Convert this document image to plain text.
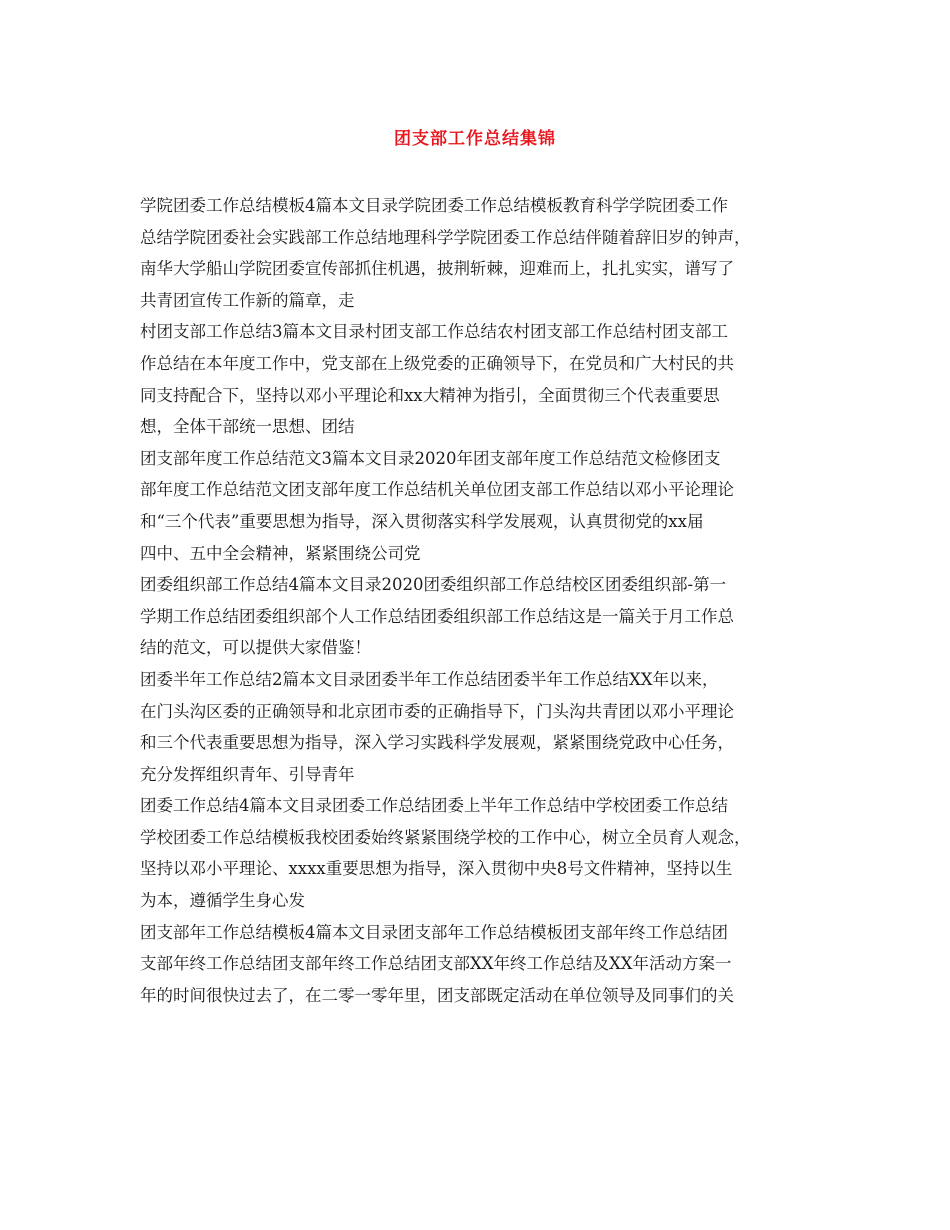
团支部工作总结集锦
学院团委工作总结模板4篇本文目录学院团委工作总结模板教育科学学院团委工作
总结学院团委社会实践部工作总结地理科学学院团委工作总结伴随着辞旧岁的钟声，
南华大学船山学院团委宣传部抓住机遇，披荆斩棘，迎难而上，扎扎实实，谱写了
共青团宣传工作新的篇章，走
村团支部工作总结3篇本文目录村团支部工作总结农村团支部工作总结村团支部工
作总结在本年度工作中，党支部在上级党委的正确领导下，在党员和广大村民的共
同支持配合下，坚持以邓小平理论和xx大精神为指引，全面贯彻三个代表重要思
想，全体干部统一思想、团结
团支部年度工作总结范文3篇本文目录2020年团支部年度工作总结范文检修团支
部年度工作总结范文团支部年度工作总结机关单位团支部工作总结以邓小平论理论
和“三个代表”重要思想为指导，深入贯彻落实科学发展观，认真贯彻党的xx届
四中、五中全会精神，紧紧围绕公司党
团委组织部工作总结4篇本文目录2020团委组织部工作总结校区团委组织部-第一
学期工作总结团委组织部个人工作总结团委组织部工作总结这是一篇关于月工作总
结的范文，可以提供大家借鉴！
团委半年工作总结2篇本文目录团委半年工作总结团委半年工作总结XX年以来，
在门头沟区委的正确领导和北京团市委的正确指导下，门头沟共青团以邓小平理论
和三个代表重要思想为指导，深入学习实践科学发展观，紧紧围绕党政中心任务，
充分发挥组织青年、引导青年
团委工作总结4篇本文目录团委工作总结团委上半年工作总结中学校团委工作总结
学校团委工作总结模板我校团委始终紧紧围绕学校的工作中心，树立全员育人观念，
坚持以邓小平理论、xxxx重要思想为指导，深入贯彻中央8号文件精神，坚持以生
为本，遵循学生身心发
团支部年工作总结模板4篇本文目录团支部年工作总结模板团支部年终工作总结团
支部年终工作总结团支部年终工作总结团支部XX年终工作总结及XX年活动方案一
年的时间很快过去了，在二零一零年里，团支部既定活动在单位领导及同事们的关
